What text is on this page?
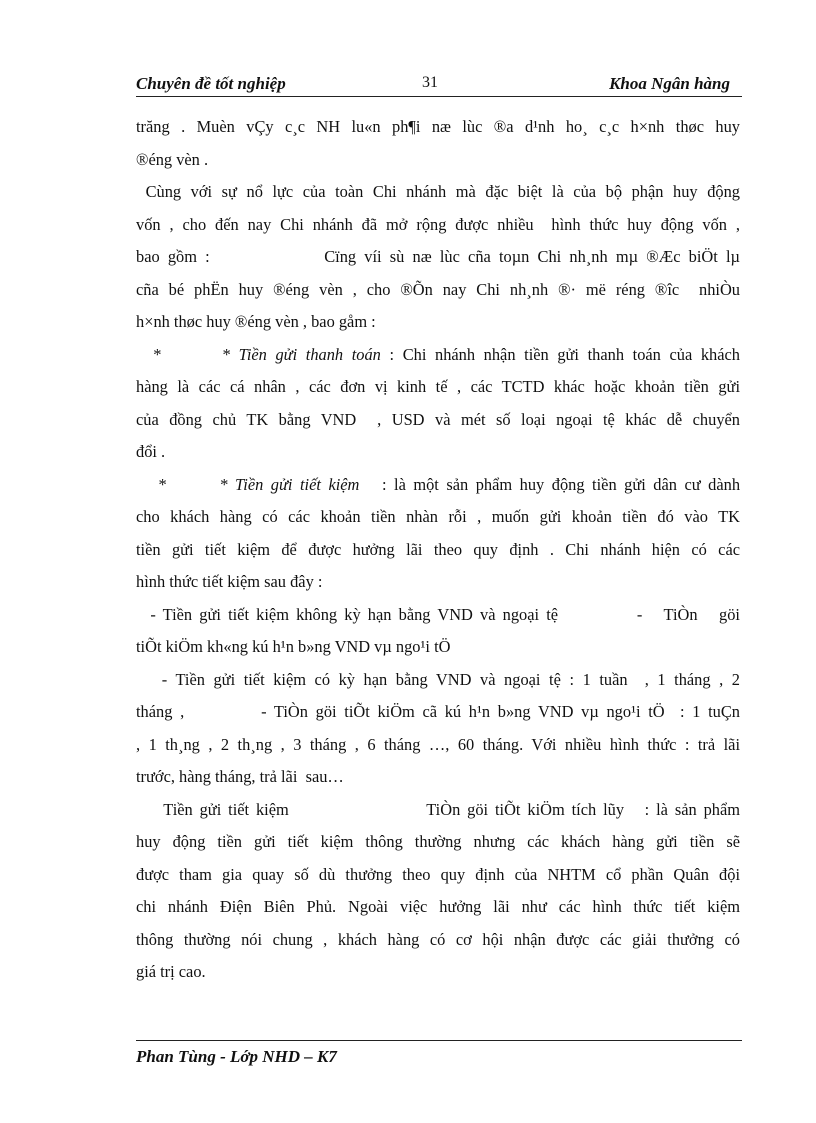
Chuyên đề tốt nghiệp	31	Khoa Ngân hàng
trăng . Muèn vÇy c¸c NH lu«n ph¶i næ lùc ®a d¹nh ho¸ c¸c h×nh thøc huy
®éng vèn .
Cùng với sự nổ lực của toàn Chi nhánh mà đặc biệt là của bộ phận huy động
vốn , cho đến nay Chi nhánh đã mở rộng được nhiều  hình thức huy động vốn ,
bao gồm :              Cïng víi sù næ lùc cña toµn Chi nh¸nh mµ ®Æc biÖt lµ
cña bé phËn huy ®éng vèn , cho ®Õn nay Chi nh¸nh ®· më réng ®îc  nhiÒu
h×nh thøc huy ®éng vèn , bao gåm :
*       * Tiền gửi thanh toán : Chi nhánh nhận tiền gửi thanh toán của khách
hàng là các cá nhân , các đơn vị kinh tế , các TCTD khác hoặc khoản tiền gửi
của đồng chủ TK bằng VND  , USD và mét số loại ngoại tệ khác dễ chuyển
đổi .
*       * Tiền gửi tiết kiệm   : là một sản phẩm huy động tiền gửi dân cư dành
cho khách hàng có các khoản tiền nhàn rỗi , muốn gửi khoản tiền đó vào TK
tiền gửi tiết kiệm để được hưởng lãi theo quy định . Chi nhánh hiện có các
hình thức tiết kiệm sau đây :
- Tiền gửi tiết kiệm không kỳ hạn bằng VND và ngoại tệ           -   TiÒn   göi
tiÕt kiÖm kh«ng kú h¹n b»ng VND vµ ngo¹i tÖ
- Tiền gửi tiết kiệm có kỳ hạn bằng VND và ngoại tệ : 1 tuần  , 1 tháng , 2
tháng ,          - TiÒn göi tiÕt kiÖm cã kú h¹n b»ng VND vµ ngo¹i tÖ  : 1 tuÇn
, 1 th¸ng , 2 th¸ng , 3 tháng , 6 tháng …, 60 tháng. Với nhiều hình thức : trả lãi
trước, hàng tháng, trả lãi  sau…
Tiền gửi tiết kiệm                    TiÒn göi tiÕt kiÖm tích lũy   : là sản phẩm
huy động tiền gửi tiết kiệm thông thường nhưng các khách hàng gửi tiền sẽ
được tham gia quay số dù thưởng theo quy định của NHTM cổ phần Quân đội
chi nhánh Điện Biên Phủ. Ngoài việc hưởng lãi như các hình thức tiết kiệm
thông thường nói chung , khách hàng có cơ hội nhận được các giải thưởng có
giá trị cao.
Phan Tùng - Lớp NHD – K7
